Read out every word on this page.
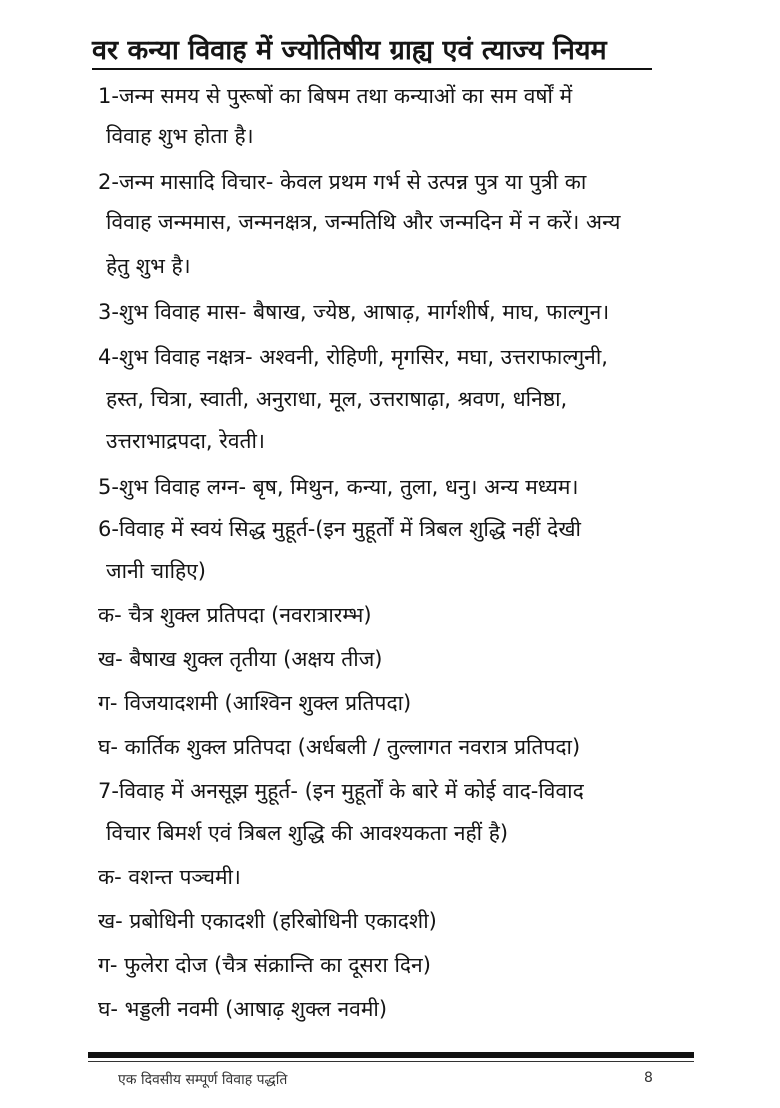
वर कन्या विवाह में ज्योतिषीय ग्राह्य एवं त्याज्य नियम
1-जन्म समय से पुरूषों का बिषम तथा कन्याओं का सम वर्षों में
विवाह शुभ होता है।
2-जन्म मासादि विचार- केवल प्रथम गर्भ से उत्पन्न पुत्र या पुत्री का
विवाह जन्ममास, जन्मनक्षत्र, जन्मतिथि और जन्मदिन में न करें। अन्य
हेतु शुभ है।
3-शुभ विवाह मास- बैषाख, ज्येष्ठ, आषाढ़, मार्गशीर्ष, माघ, फाल्गुन।
4-शुभ विवाह नक्षत्र- अश्वनी, रोहिणी, मृगसिर, मघा, उत्तराफाल्गुनी,
हस्त, चित्रा, स्वाती, अनुराधा, मूल, उत्तराषाढ़ा, श्रवण, धनिष्ठा,
उत्तराभाद्रपदा, रेवती।
5-शुभ विवाह लग्न- बृष, मिथुन, कन्या, तुला, धनु। अन्य मध्यम।
6-विवाह में स्वयं सिद्ध मुहूर्त-(इन मुहूर्तों में त्रिबल शुद्धि नहीं देखी
जानी चाहिए)
क- चैत्र शुक्ल प्रतिपदा (नवरात्रारम्भ)
ख- बैषाख शुक्ल तृतीया (अक्षय तीज)
ग- विजयादशमी (आश्विन शुक्ल प्रतिपदा)
घ- कार्तिक शुक्ल प्रतिपदा (अर्धबली / तुल्लागत नवरात्र प्रतिपदा)
7-विवाह में अनसूझ मुहूर्त- (इन मुहूर्तों के बारे में कोई वाद-विवाद
विचार बिमर्श एवं त्रिबल शुद्धि की आवश्यकता नहीं है)
क- वशन्त पञ्चमी।
ख- प्रबोधिनी एकादशी (हरिबोधिनी एकादशी)
ग- फुलेरा दोज (चैत्र संक्रान्ति का दूसरा दिन)
घ- भड्डली नवमी (आषाढ़ शुक्ल नवमी)
एक दिवसीय सम्पूर्ण विवाह पद्धति	8
